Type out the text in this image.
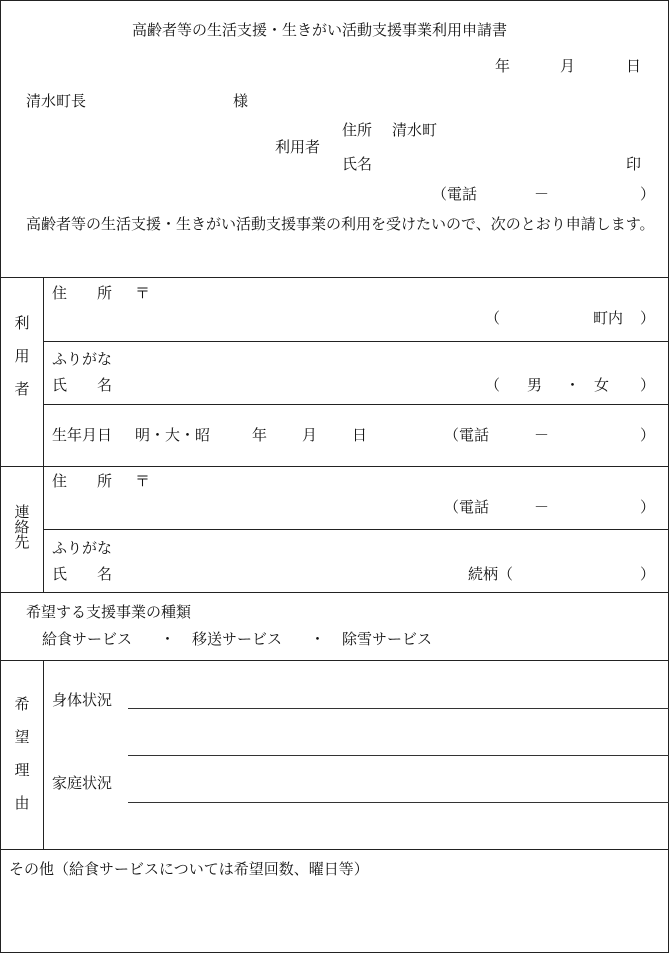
高齢者等の生活支援・生きがい活動支援事業利用申請書
年	月	日
清水町長	様
利用者
住所 清水町
氏名	印
（電話	－	）
高齢者等の生活支援・生きがい活動支援事業の利用を受けたいので、次のとおり申請します。
利
用
者
住　　所 〒
（	町内 ）
ふりがな
氏　　名	（ 男 ・ 女 ）
生年月日 明・大・昭	年 月 日	（電話	－	）
連
絡
先
住　　所 〒
（電話	－	）
ふりがな
氏　　名	続柄（	）
希望する支援事業の種類
給食サービス ・ 移送サービス ・ 除雪サービス
希
望
理
由
身体状況
家庭状況
その他（給食サービスについては希望回数、曜日等）
